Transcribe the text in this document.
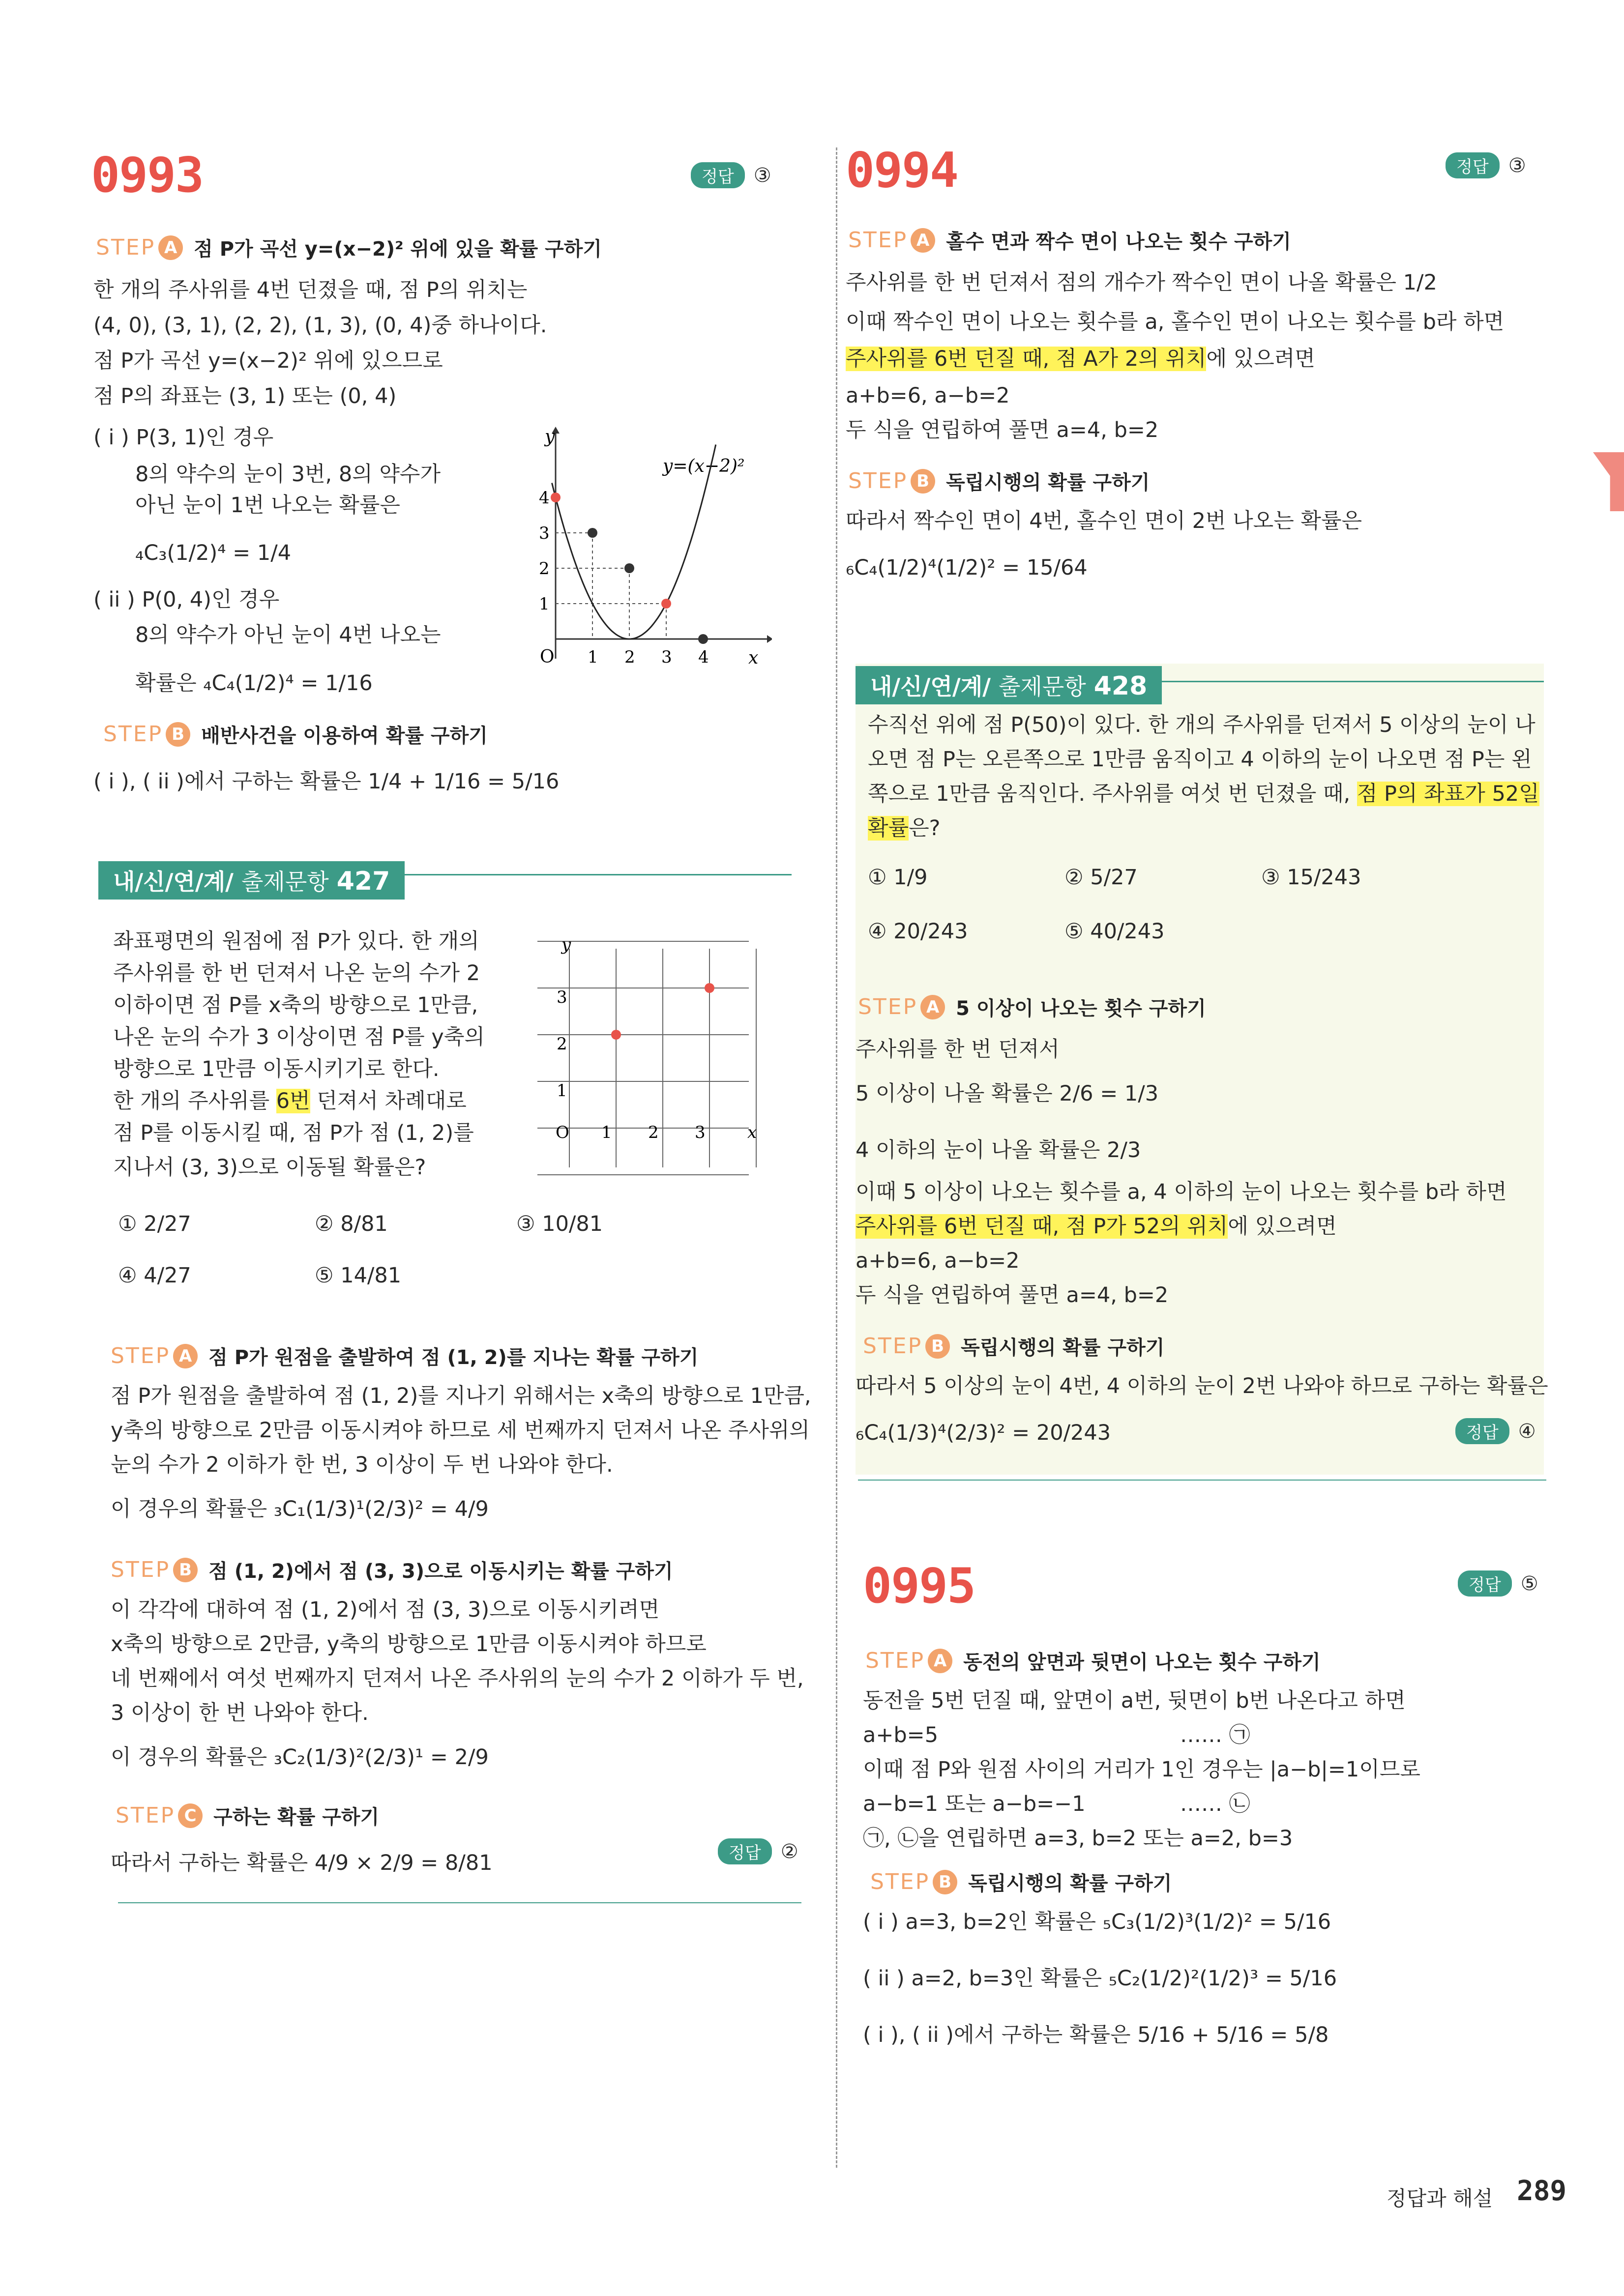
0993	정답	③
STEP A 점 P가 곡선 y=(x−2)² 위에 있을 확률 구하기
한 개의 주사위를 4번 던졌을 때, 점 P의 위치는
(4, 0), (3, 1), (2, 2), (1, 3), (0, 4)중 하나이다.
점 P가 곡선 y=(x−2)² 위에 있으므로
점 P의 좌표는 (3, 1) 또는 (0, 4)
( i ) P(3, 1)인 경우
8의 약수의 눈이 3번, 8의 약수가
아닌 눈이 1번 나오는 확률은
₄C₃(1/2)⁴ = 1/4
( ii ) P(0, 4)인 경우
8의 약수가 아닌 눈이 4번 나오는
확률은 ₄C₄(1/2)⁴ = 1/16
y
x
O
y=(x−2)²
1 2 3 4
1
2
3
4
STEP B 배반사건을 이용하여 확률 구하기
( i ), ( ii )에서 구하는 확률은 1/4 + 1/16 = 5/16
내/신/연/계/ 출제문항 427
좌표평면의 원점에 점 P가 있다. 한 개의
주사위를 한 번 던져서 나온 눈의 수가 2
이하이면 점 P를 x축의 방향으로 1만큼,
나온 눈의 수가 3 이상이면 점 P를 y축의
방향으로 1만큼 이동시키기로 한다.
한 개의 주사위를 6번 던져서 차례대로
점 P를 이동시킬 때, 점 P가 점 (1, 2)를
지나서 (3, 3)으로 이동될 확률은?
y
x
O 1 2 3
1
2
3
① 2/27	② 8/81	③ 10/81
④ 4/27	⑤ 14/81
STEP A 점 P가 원점을 출발하여 점 (1, 2)를 지나는 확률 구하기
점 P가 원점을 출발하여 점 (1, 2)를 지나기 위해서는 x축의 방향으로 1만큼,
y축의 방향으로 2만큼 이동시켜야 하므로 세 번째까지 던져서 나온 주사위의
눈의 수가 2 이하가 한 번, 3 이상이 두 번 나와야 한다.
이 경우의 확률은 ₃C₁(1/3)¹(2/3)² = 4/9
STEP B 점 (1, 2)에서 점 (3, 3)으로 이동시키는 확률 구하기
이 각각에 대하여 점 (1, 2)에서 점 (3, 3)으로 이동시키려면
x축의 방향으로 2만큼, y축의 방향으로 1만큼 이동시켜야 하므로
네 번째에서 여섯 번째까지 던져서 나온 주사위의 눈의 수가 2 이하가 두 번,
3 이상이 한 번 나와야 한다.
이 경우의 확률은 ₃C₂(1/3)²(2/3)¹ = 2/9
STEP C 구하는 확률 구하기
따라서 구하는 확률은 4/9 × 2/9 = 8/81	정답	②
0994	정답	③
STEP A 홀수 면과 짝수 면이 나오는 횟수 구하기
주사위를 한 번 던져서 점의 개수가 짝수인 면이 나올 확률은 1/2
이때 짝수인 면이 나오는 횟수를 a, 홀수인 면이 나오는 횟수를 b라 하면
주사위를 6번 던질 때, 점 A가 2의 위치에 있으려면
a+b=6, a−b=2
두 식을 연립하여 풀면 a=4, b=2
STEP B 독립시행의 확률 구하기
따라서 짝수인 면이 4번, 홀수인 면이 2번 나오는 확률은
₆C₄(1/2)⁴(1/2)² = 15/64
내/신/연/계/ 출제문항 428
수직선 위에 점 P(50)이 있다. 한 개의 주사위를 던져서 5 이상의 눈이 나
오면 점 P는 오른쪽으로 1만큼 움직이고 4 이하의 눈이 나오면 점 P는 왼
쪽으로 1만큼 움직인다. 주사위를 여섯 번 던졌을 때, 점 P의 좌표가 52일
확률은?
① 1/9	② 5/27	③ 15/243
④ 20/243	⑤ 40/243
STEP A 5 이상이 나오는 횟수 구하기
주사위를 한 번 던져서
5 이상이 나올 확률은 2/6 = 1/3
4 이하의 눈이 나올 확률은 2/3
이때 5 이상이 나오는 횟수를 a, 4 이하의 눈이 나오는 횟수를 b라 하면
주사위를 6번 던질 때, 점 P가 52의 위치에 있으려면
a+b=6, a−b=2
두 식을 연립하여 풀면 a=4, b=2
STEP B 독립시행의 확률 구하기
따라서 5 이상의 눈이 4번, 4 이하의 눈이 2번 나와야 하므로 구하는 확률은
₆C₄(1/3)⁴(2/3)² = 20/243	정답	④
0995	정답	⑤
STEP A 동전의 앞면과 뒷면이 나오는 횟수 구하기
동전을 5번 던질 때, 앞면이 a번, 뒷면이 b번 나온다고 하면
a+b=5	…… ㉠
이때 점 P와 원점 사이의 거리가 1인 경우는 |a−b|=1이므로
a−b=1 또는 a−b=−1	…… ㉡
㉠, ㉡을 연립하면 a=3, b=2 또는 a=2, b=3
STEP B 독립시행의 확률 구하기
( i ) a=3, b=2인 확률은 ₅C₃(1/2)³(1/2)² = 5/16
( ii ) a=2, b=3인 확률은 ₅C₂(1/2)²(1/2)³ = 5/16
( i ), ( ii )에서 구하는 확률은 5/16 + 5/16 = 5/8
정답과 해설 289
